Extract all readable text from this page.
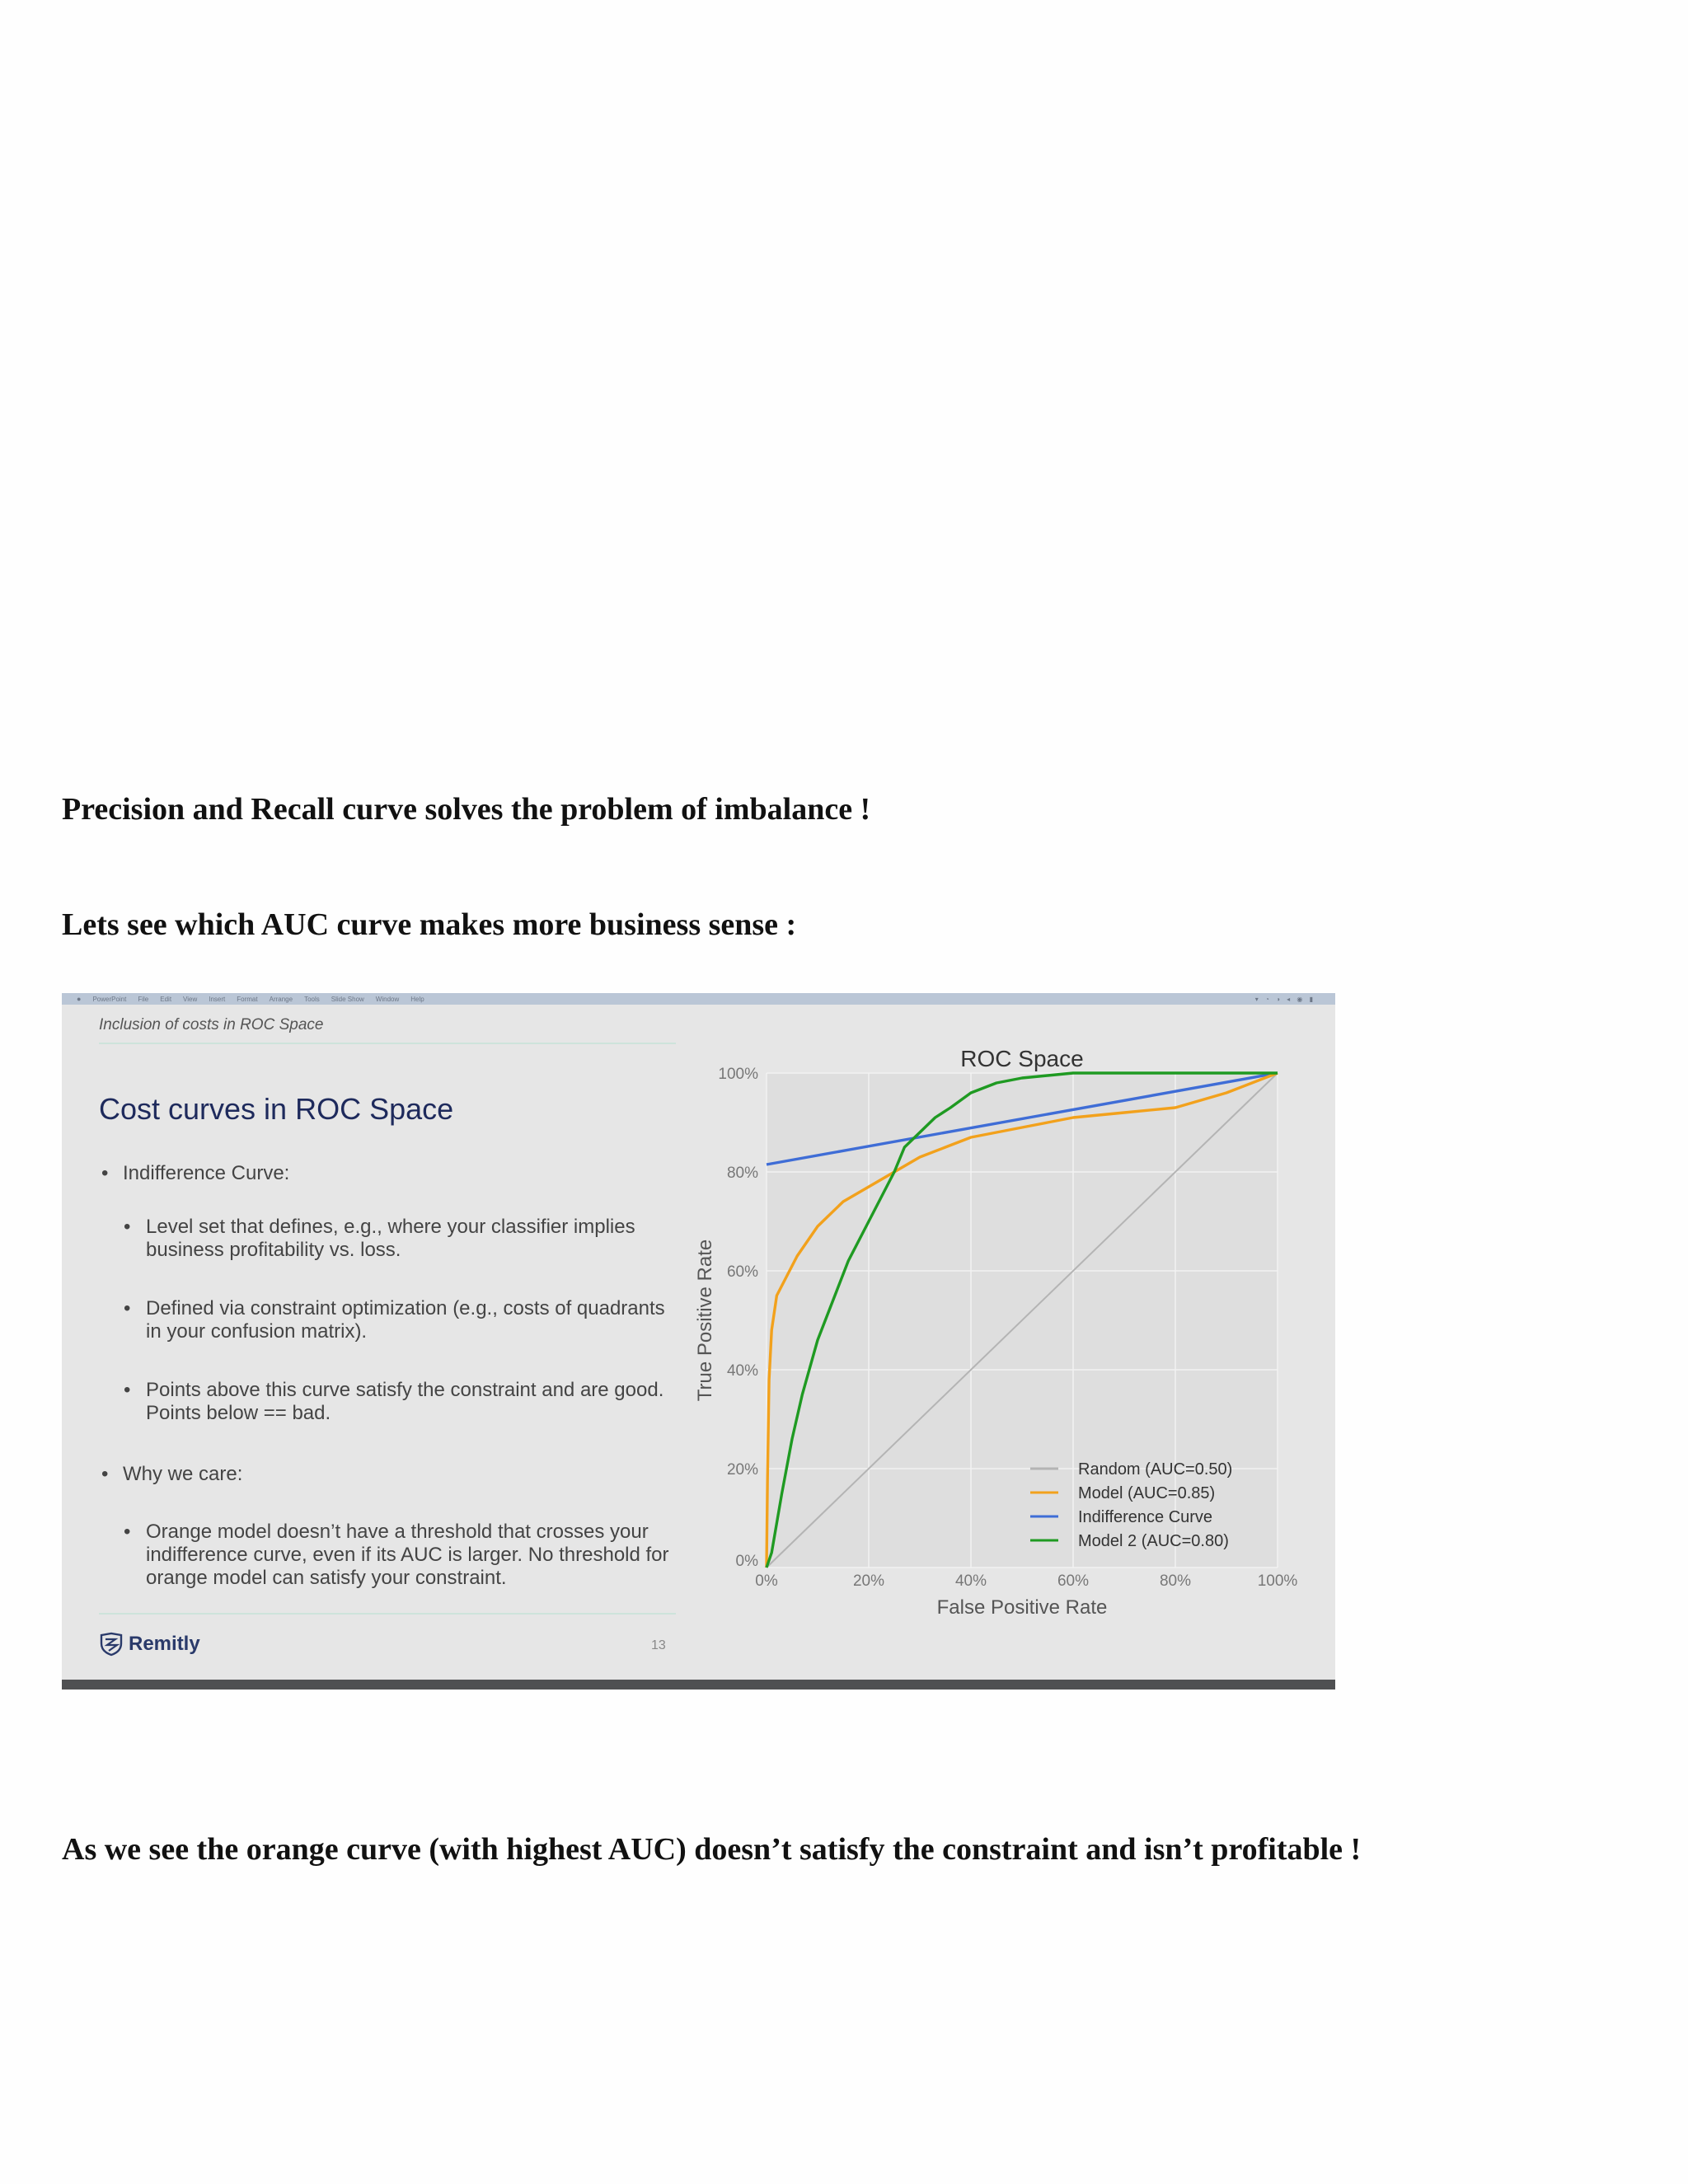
Precision and Recall curve solves the problem of imbalance !
Lets see which AUC curve makes more business sense :
● PowerPoint File Edit View Insert Format Arrange Tools Slide Show Window Help	▾ ◔ ◑ ◂ ◉ ▮
Inclusion of costs in ROC Space
Cost curves in ROC Space
• Indifference Curve:
• Level set that defines, e.g., where your classifier implies business profitability vs. loss.
• Defined via constraint optimization (e.g., costs of quadrants in your confusion matrix).
• Points above this curve satisfy the constraint and are good. Points below == bad.
• Why we care:
• Orange model doesn’t have a threshold that crosses your indifference curve, even if its AUC is larger. No threshold for orange model can satisfy your constraint.
Remitly	13
0%
0%
20%
20%
40%
40%
60%
60%
80%
80%
100%
100%
ROC Space
False Positive Rate
True Positive Rate
Random (AUC=0.50)
Model (AUC=0.85)
Indifference Curve
Model 2 (AUC=0.80)
As we see the orange curve (with highest AUC) doesn’t satisfy the constraint and isn’t profitable !
